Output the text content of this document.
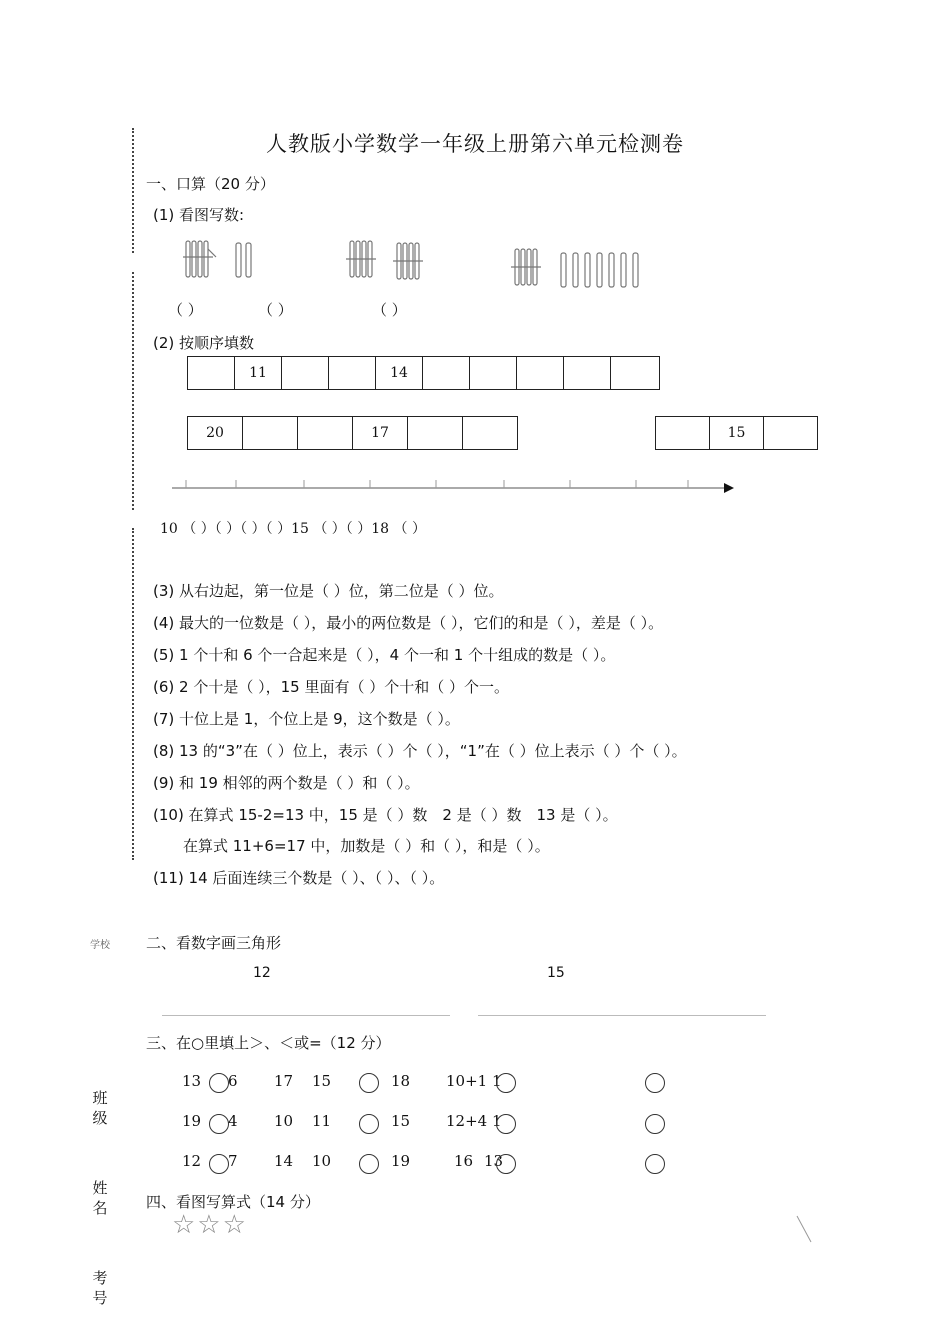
学校
班级
姓名
考号
人教版小学数学一年级上册第六单元检测卷
一、口算（20 分）
(1) 看图写数:
（ ）	（ ）	（ ）
(2) 按顺序填数
11	14
20	17	15
10 （ ）（ ）（ ）（ ）15 （ ）（ ）18 （ ）
(3) 从右边起，第一位是（ ）位，第二位是（ ）位。
(4) 最大的一位数是（ ），最小的两位数是（ ），它们的和是（ ），差是（ ）。
(5) 1 个十和 6 个一合起来是（ ），4 个一和 1 个十组成的数是（ ）。
(6) 2 个十是（ ），15 里面有（ ）个十和（ ）个一。
(7) 十位上是 1，个位上是 9，这个数是（ ）。
(8) 13 的“3”在（ ）位上，表示（ ）个（ ），“1”在（ ）位上表示（ ）个（ ）。
(9) 和 19 相邻的两个数是（ ）和（ ）。
(10) 在算式 15-2=13 中，15 是（ ）数　2 是（ ）数　13 是（ ）。
　　在算式 11+6=17 中，加数是（ ）和（ ），和是（ ）。
(11) 14 后面连续三个数是（ ）、（ ）、（ ）。
二、看数字画三角形
12	15
三、在○里填上＞、＜或=（12 分）
13 6 17 15	18 10+1 1
19 4 10 11	15 12+4 1
12 7 14 10	19	16 13
四、看图写算式（14 分）
☆☆☆
